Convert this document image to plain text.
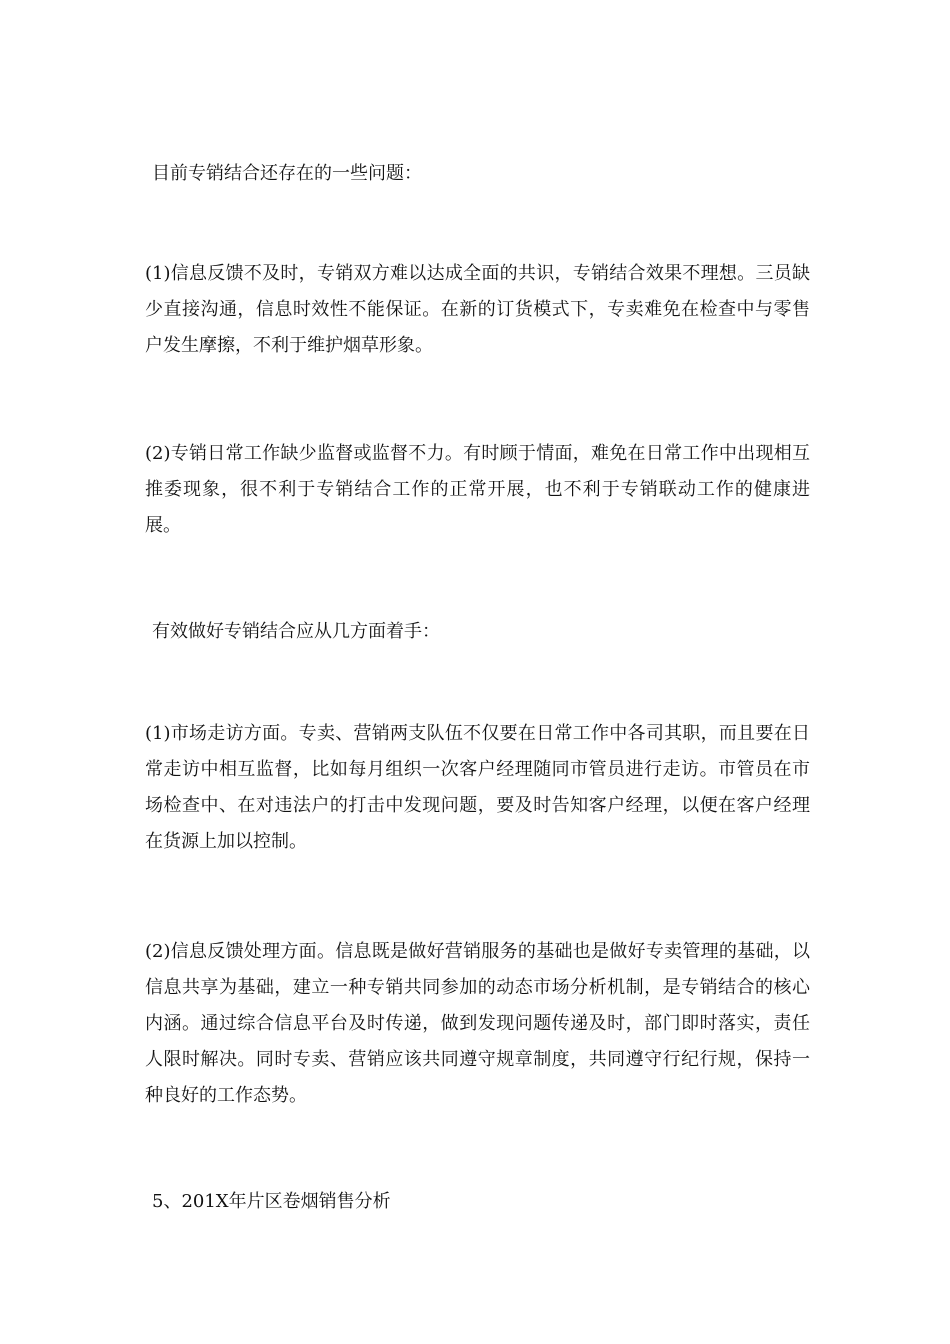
目前专销结合还存在的一些问题：

(1)信息反馈不及时，专销双方难以达成全面的共识，专销结合效果不理想。三员缺少直接沟通，信息时效性不能保证。在新的订货模式下，专卖难免在检查中与零售户发生摩擦，不利于维护烟草形象。

(2)专销日常工作缺少监督或监督不力。有时顾于情面，难免在日常工作中出现相互推委现象，很不利于专销结合工作的正常开展，也不利于专销联动工作的健康进展。

有效做好专销结合应从几方面着手：

(1)市场走访方面。专卖、营销两支队伍不仅要在日常工作中各司其职，而且要在日常走访中相互监督，比如每月组织一次客户经理随同市管员进行走访。市管员在市场检查中、在对违法户的打击中发现问题，要及时告知客户经理，以便在客户经理在货源上加以控制。

(2)信息反馈处理方面。信息既是做好营销服务的基础也是做好专卖管理的基础，以信息共享为基础，建立一种专销共同参加的动态市场分析机制，是专销结合的核心内涵。通过综合信息平台及时传递，做到发现问题传递及时，部门即时落实，责任人限时解决。同时专卖、营销应该共同遵守规章制度，共同遵守行纪行规，保持一种良好的工作态势。

5、201X年片区卷烟销售分析
